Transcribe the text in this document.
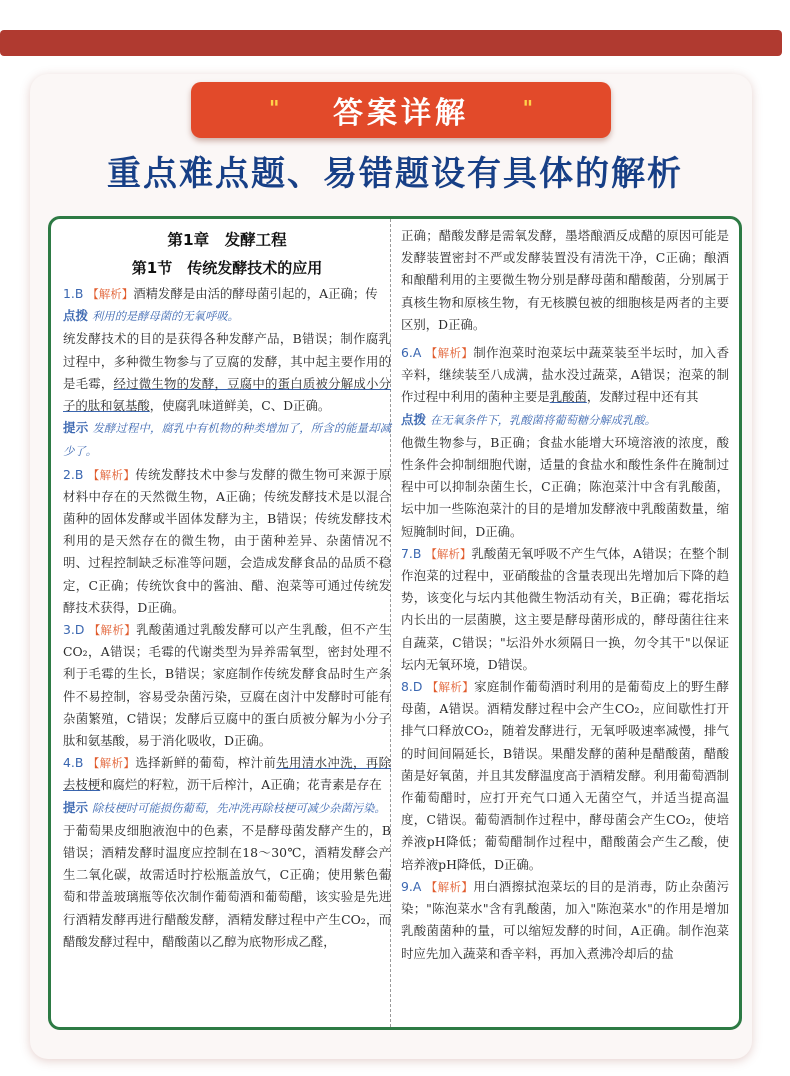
" 答案详解	"
重点难点题、易错题设有具体的解析
第1章　发酵工程
第1节　传统发酵技术的应用

1.B 【解析】酒精发酵是由活的酵母菌引起的，A正确；传

点拨 利用的是酵母菌的无氧呼吸。

统发酵技术的目的是获得各种发酵产品，B错误；制作腐乳过程中，多种微生物参与了豆腐的发酵，其中起主要作用的是毛霉，经过微生物的发酵，豆腐中的蛋白质被分解成小分子的肽和氨基酸，使腐乳味道鲜美，C、D正确。

提示 发酵过程中，腐乳中有机物的种类增加了，所含的能量却减少了。

2.B 【解析】传统发酵技术中参与发酵的微生物可来源于原材料中存在的天然微生物，A正确；传统发酵技术是以混合菌种的固体发酵或半固体发酵为主，B错误；传统发酵技术利用的是天然存在的微生物，由于菌种差异、杂菌情况不明、过程控制缺乏标准等问题，会造成发酵食品的品质不稳定，C正确；传统饮食中的酱油、醋、泡菜等可通过传统发酵技术获得，D正确。

3.D 【解析】乳酸菌通过乳酸发酵可以产生乳酸，但不产生CO₂，A错误；毛霉的代谢类型为异养需氧型，密封处理不利于毛霉的生长，B错误；家庭制作传统发酵食品时生产条件不易控制，容易受杂菌污染，豆腐在卤汁中发酵时可能有杂菌繁殖，C错误；发酵后豆腐中的蛋白质被分解为小分子肽和氨基酸，易于消化吸收，D正确。

4.B 【解析】选择新鲜的葡萄，榨汁前先用清水冲洗，再除去枝梗和腐烂的籽粒，沥干后榨汁，A正确；花青素是存在

提示 除枝梗时可能损伤葡萄，先冲洗再除枝梗可减少杂菌污染。

于葡萄果皮细胞液泡中的色素，不是酵母菌发酵产生的，B错误；酒精发酵时温度应控制在18～30℃，酒精发酵会产生二氧化碳，故需适时拧松瓶盖放气，C正确；使用紫色葡萄和带盖玻璃瓶等依次制作葡萄酒和葡萄醋，该实验是先进行酒精发酵再进行醋酸发酵，酒精发酵过程中产生CO₂，而醋酸发酵过程中，醋酸菌以乙醇为底物形成乙醛，

正确；醋酸发酵是需氧发酵，墨塔酿酒反成醋的原因可能是发酵装置密封不严或发酵装置没有清洗干净，C正确；酿酒和酿醋利用的主要微生物分别是酵母菌和醋酸菌，分别属于真核生物和原核生物，有无核膜包被的细胞核是两者的主要区别，D正确。

6.A 【解析】制作泡菜时泡菜坛中蔬菜装至半坛时，加入香辛料，继续装至八成满，盐水没过蔬菜，A错误；泡菜的制作过程中利用的菌种主要是乳酸菌，发酵过程中还有其

点拨 在无氧条件下，乳酸菌将葡萄糖分解成乳酸。

他微生物参与，B正确；食盐水能增大环境溶液的浓度，酸性条件会抑制细胞代谢，适量的食盐水和酸性条件在腌制过程中可以抑制杂菌生长，C正确；陈泡菜汁中含有乳酸菌，坛中加一些陈泡菜汁的目的是增加发酵液中乳酸菌数量，缩短腌制时间，D正确。

7.B 【解析】乳酸菌无氧呼吸不产生气体，A错误；在整个制作泡菜的过程中，亚硝酸盐的含量表现出先增加后下降的趋势，该变化与坛内其他微生物活动有关，B正确；霉花指坛内长出的一层菌膜，这主要是酵母菌形成的，酵母菌往往来自蔬菜，C错误；"坛沿外水须隔日一换，勿令其干"以保证坛内无氧环境，D错误。

8.D 【解析】家庭制作葡萄酒时利用的是葡萄皮上的野生酵母菌，A错误。酒精发酵过程中会产生CO₂，应间歇性打开排气口释放CO₂，随着发酵进行，无氧呼吸速率减慢，排气的时间间隔延长，B错误。果醋发酵的菌种是醋酸菌，醋酸菌是好氧菌，并且其发酵温度高于酒精发酵。利用葡萄酒制作葡萄醋时，应打开充气口通入无菌空气，并适当提高温度，C错误。葡萄酒制作过程中，酵母菌会产生CO₂，使培养液pH降低；葡萄醋制作过程中，醋酸菌会产生乙酸，使培养液pH降低，D正确。

9.A 【解析】用白酒擦拭泡菜坛的目的是消毒，防止杂菌污染；"陈泡菜水"含有乳酸菌，加入"陈泡菜水"的作用是增加乳酸菌菌种的量，可以缩短发酵的时间，A正确。制作泡菜时应先加入蔬菜和香辛料，再加入煮沸冷却后的盐
